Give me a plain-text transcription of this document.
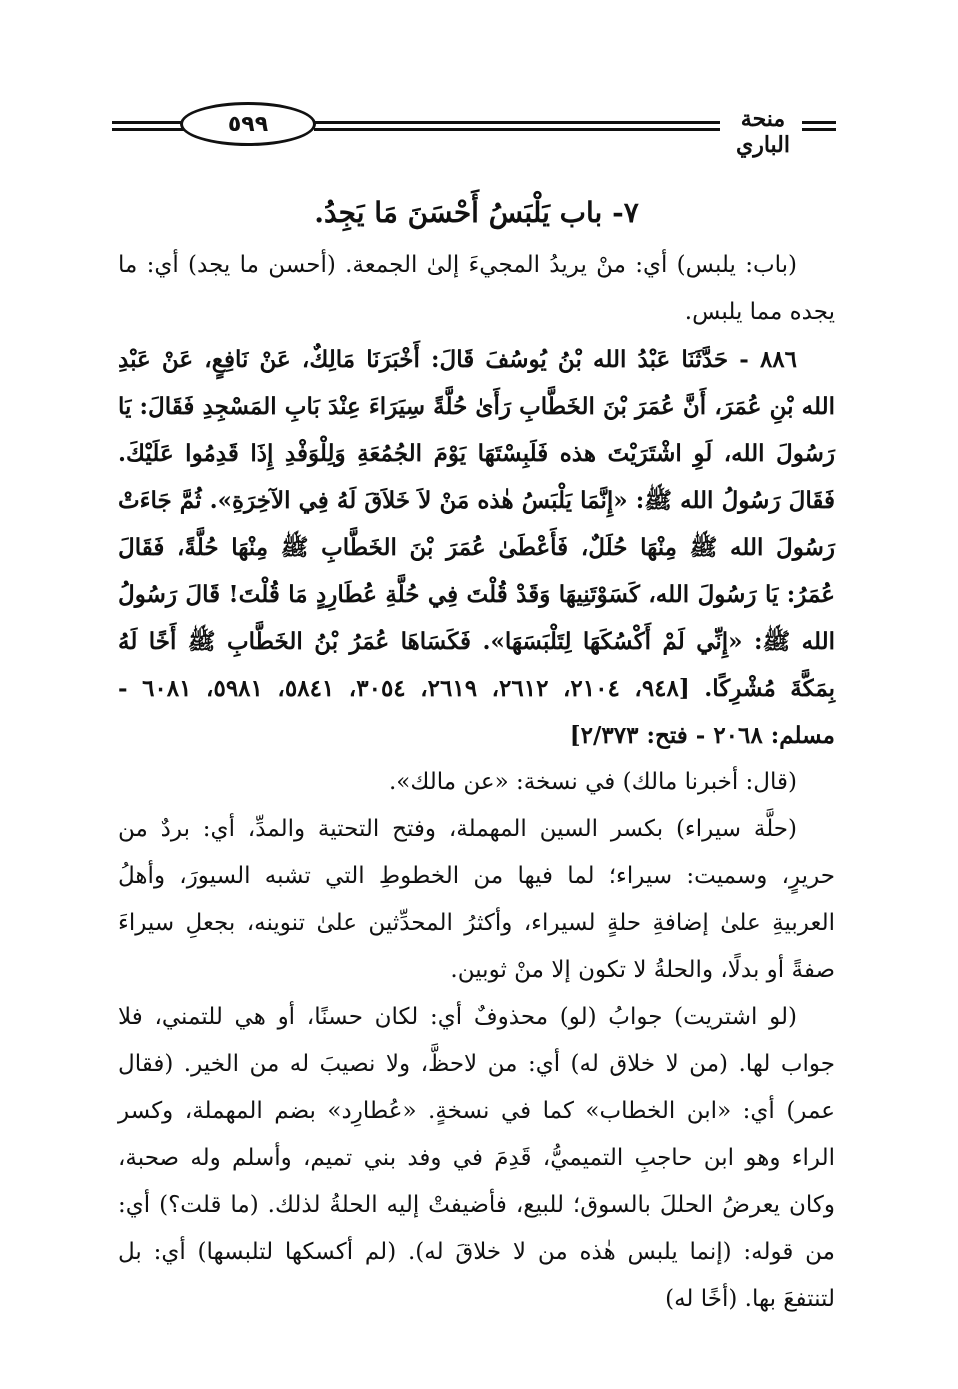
٥٩٩	منحة الباري

٧- باب يَلْبَسُ أَحْسَنَ مَا يَجِدُ.

(باب: يلبس) أي: منْ يريدُ المجيءَ إلىٰ الجمعة. (أحسن ما يجد) أي: ما يجده مما يلبس.

٨٨٦ - حَدَّثَنَا عَبْدُ الله بْنُ يُوسُفَ قَالَ: أَخْبَرَنَا مَالِكٌ، عَنْ نَافِعٍ، عَنْ عَبْدِ الله بْنِ عُمَرَ، أَنَّ عُمَرَ بْنَ الخَطَّابِ رَأَىٰ حُلَّةً سِيَرَاءَ عِنْدَ بَابِ المَسْجِدِ فَقَالَ: يَا رَسُولَ الله، لَوِ اشْتَرَيْتَ هذه فَلَبِسْتَهَا يَوْمَ الجُمُعَةِ وَلِلْوَفْدِ إِذَا قَدِمُوا عَلَيْكَ. فَقَالَ رَسُولُ الله ﷺ: «إِنَّمَا يَلْبَسُ هٰذه مَنْ لاَ خَلاَقَ لَهُ فِي الآخِرَةِ». ثُمَّ جَاءَتْ رَسُولَ الله ﷺ مِنْهَا حُلَلٌ، فَأَعْطَىٰ عُمَرَ بْنَ الخَطَّابِ ﷺ مِنْهَا حُلَّةً، فَقَالَ عُمَرُ: يَا رَسُولَ الله، كَسَوْتَنِيهَا وَقَدْ قُلْتَ فِي حُلَّةِ عُطَارِدٍ مَا قُلْتَ! قَالَ رَسُولُ الله ﷺ: «إِنِّي لَمْ أَكْسُكَهَا لِتَلْبَسَهَا». فَكَسَاهَا عُمَرُ بْنُ الخَطَّابِ ﷺ أَخًا لَهُ بِمَكَّةَ مُشْرِكًا. [٩٤٨، ٢١٠٤، ٢٦١٢، ٢٦١٩، ٣٠٥٤، ٥٨٤١، ٥٩٨١، ٦٠٨١ - مسلم: ٢٠٦٨ - فتح: ٢/٣٧٣]

(قال: أخبرنا مالك) في نسخة: «عن مالك».

(حلَّة سيراء) بكسر السين المهملة، وفتح التحتية والمدِّ، أي: بردٌ من حريرٍ، وسميت: سيراء؛ لما فيها من الخطوطِ التي تشبه السيورَ، وأهلُ العربيةِ علىٰ إضافةِ حلةٍ لسيراء، وأكثرُ المحدِّثين علىٰ تنوينه، بجعلِ سيراءَ صفةً أو بدلًا، والحلةُ لا تكون إلا منْ ثوبين.

(لو اشتريت) جوابُ (لو) محذوفٌ أي: لكان حسنًا، أو هي للتمني، فلا جواب لها. (من لا خلاق له) أي: من لاحظَّ، ولا نصيبَ له من الخير. (فقال عمر) أي: «ابن الخطاب» كما في نسخةٍ. «عُطارِد» بضم المهملة، وكسر الراء وهو ابن حاجبِ التميميُّ، قَدِمَ في وفد بني تميم، وأسلم وله صحبة، وكان يعرضُ الحللَ بالسوق؛ للبيع، فأضيفتْ إليه الحلةُ لذلك. (ما قلت؟) أي: من قوله: (إنما يلبس هٰذه من لا خلاقَ له). (لم أكسكها لتلبسها) أي: بل لتنتفعَ بها. (أخًا له)
